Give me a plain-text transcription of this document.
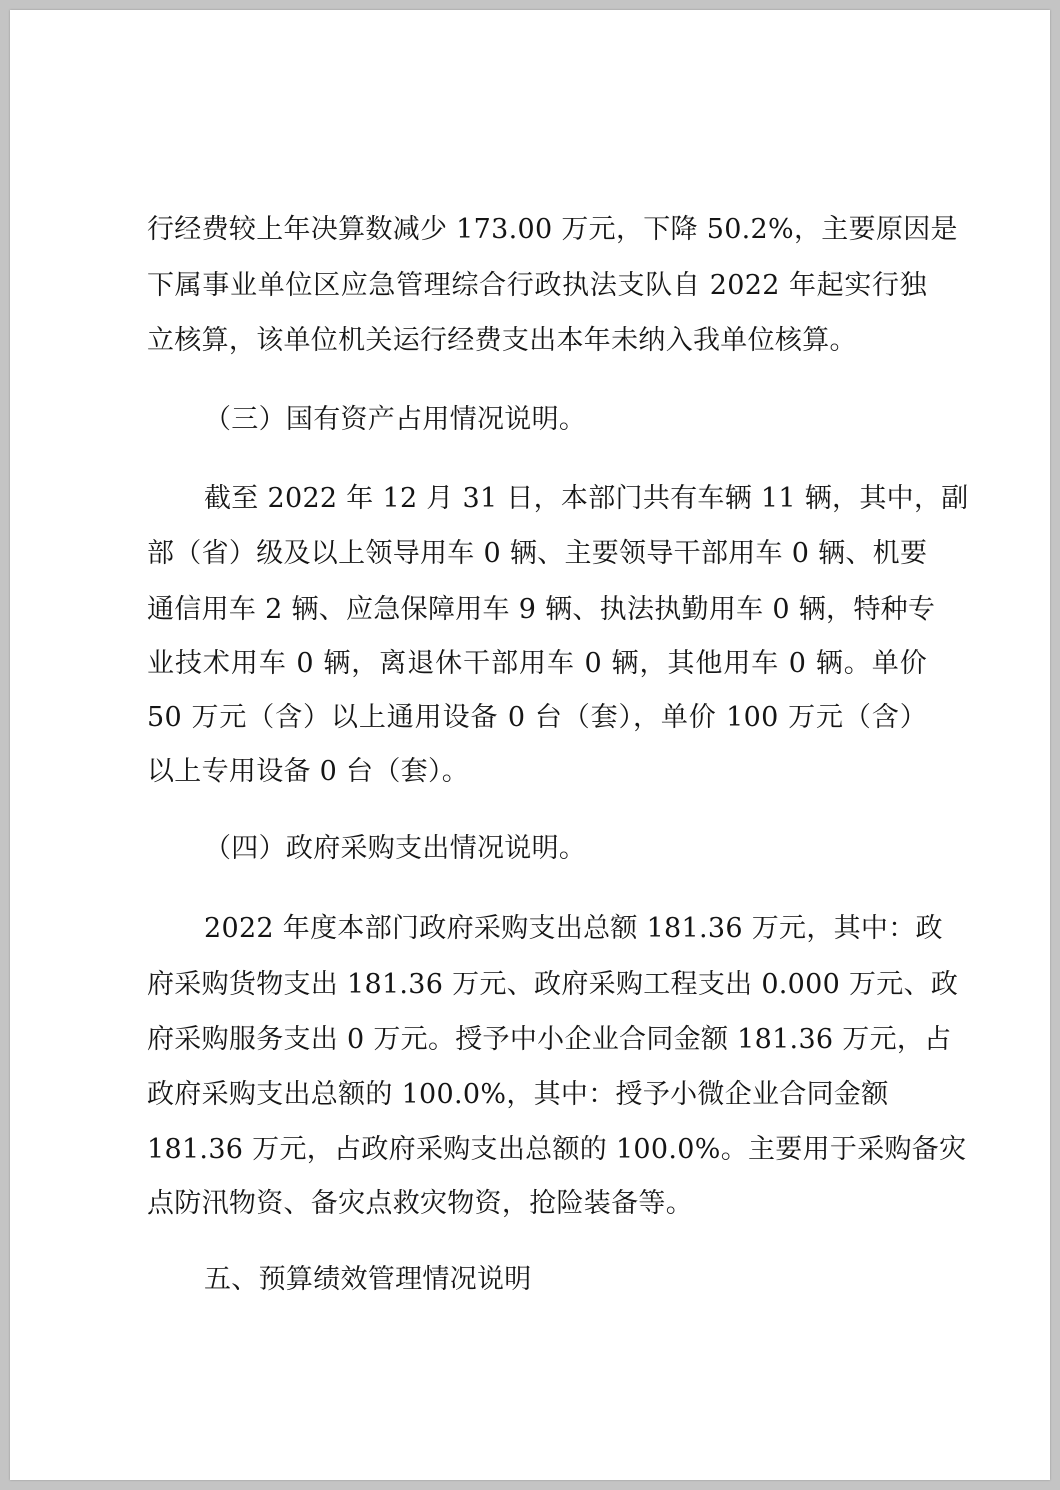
行经费较上年决算数减少 173.00 万元，下降 50.2%，主要原因是
下属事业单位区应急管理综合行政执法支队自 2022 年起实行独
立核算，该单位机关运行经费支出本年未纳入我单位核算。
（三）国有资产占用情况说明。
截至 2022 年 12 月 31 日，本部门共有车辆 11 辆，其中，副
部（省）级及以上领导用车 0 辆、主要领导干部用车 0 辆、机要
通信用车 2 辆、应急保障用车 9 辆、执法执勤用车 0 辆，特种专
业技术用车 0 辆，离退休干部用车 0 辆，其他用车 0 辆。单价
50 万元（含）以上通用设备 0 台（套），单价 100 万元（含）
以上专用设备 0 台（套）。
（四）政府采购支出情况说明。
2022 年度本部门政府采购支出总额 181.36 万元，其中：政
府采购货物支出 181.36 万元、政府采购工程支出 0.000 万元、政
府采购服务支出 0 万元。授予中小企业合同金额 181.36 万元，占
政府采购支出总额的 100.0%，其中：授予小微企业合同金额
181.36 万元，占政府采购支出总额的 100.0%。主要用于采购备灾
点防汛物资、备灾点救灾物资，抢险装备等。
五、预算绩效管理情况说明
